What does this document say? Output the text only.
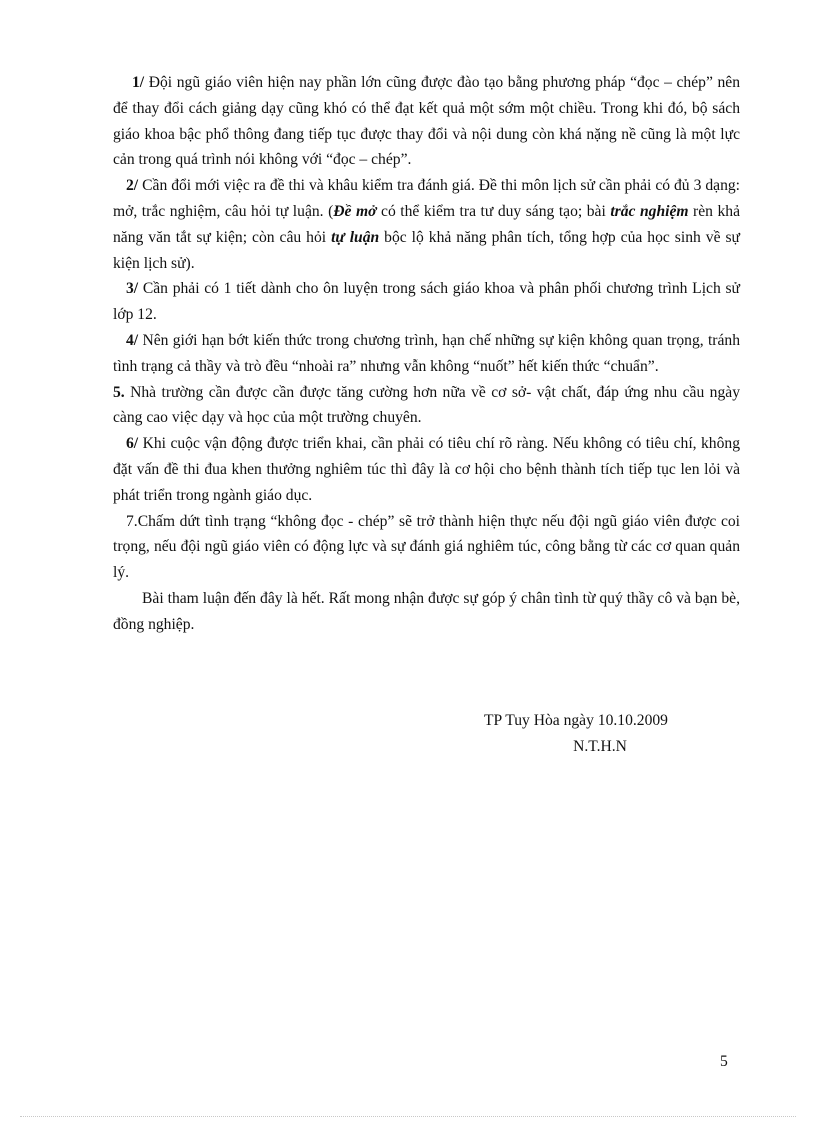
1/ Đội ngũ giáo viên hiện nay phần lớn cũng được đào tạo bằng phương pháp “đọc – chép” nên để thay đổi cách giảng dạy cũng khó có thể đạt kết quả một sớm một chiều. Trong khi đó, bộ sách giáo khoa bậc phổ thông đang tiếp tục được thay đổi và nội dung còn khá nặng nề cũng là một lực cản trong quá trình nói không với “đọc – chép”.

2/ Cần đổi mới việc ra đề thi và khâu kiểm tra đánh giá. Đề thi môn lịch sử cần phải có đủ 3 dạng: mở, trắc nghiệm, câu hỏi tự luận. (Đề mở có thể kiểm tra tư duy sáng tạo; bài trắc nghiệm rèn khả năng văn tắt sự kiện; còn câu hỏi tự luận bộc lộ khả năng phân tích, tổng hợp của học sinh về sự kiện lịch sử).

3/ Cần phải có 1 tiết dành cho ôn luyện trong sách giáo khoa và phân phối chương trình Lịch sử lớp 12.

4/ Nên giới hạn bớt kiến thức trong chương trình, hạn chế những sự kiện không quan trọng, tránh tình trạng cả thầy và trò đều “nhoài ra” nhưng vẫn không “nuốt” hết kiến thức “chuẩn”.

5. Nhà trường cần được cần được tăng cường hơn nữa về cơ sở- vật chất, đáp ứng nhu cầu ngày càng cao việc dạy và học của một trường chuyên.

6/ Khi cuộc vận động được triển khai, cần phải có tiêu chí rõ ràng. Nếu không có tiêu chí, không đặt vấn đề thi đua khen thưởng nghiêm túc thì đây là cơ hội cho bệnh thành tích tiếp tục len lỏi và phát triển trong ngành giáo dục.

7.Chấm dứt tình trạng “không đọc - chép” sẽ trở thành hiện thực nếu đội ngũ giáo viên được coi trọng, nếu đội ngũ giáo viên có động lực và sự đánh giá nghiêm túc, công bằng từ các cơ quan quản lý.

Bài tham luận đến đây là hết. Rất mong nhận được sự góp ý chân tình từ quý thầy cô và bạn bè, đồng nghiệp.

TP Tuy Hòa ngày 10.10.2009
N.T.H.N
5
